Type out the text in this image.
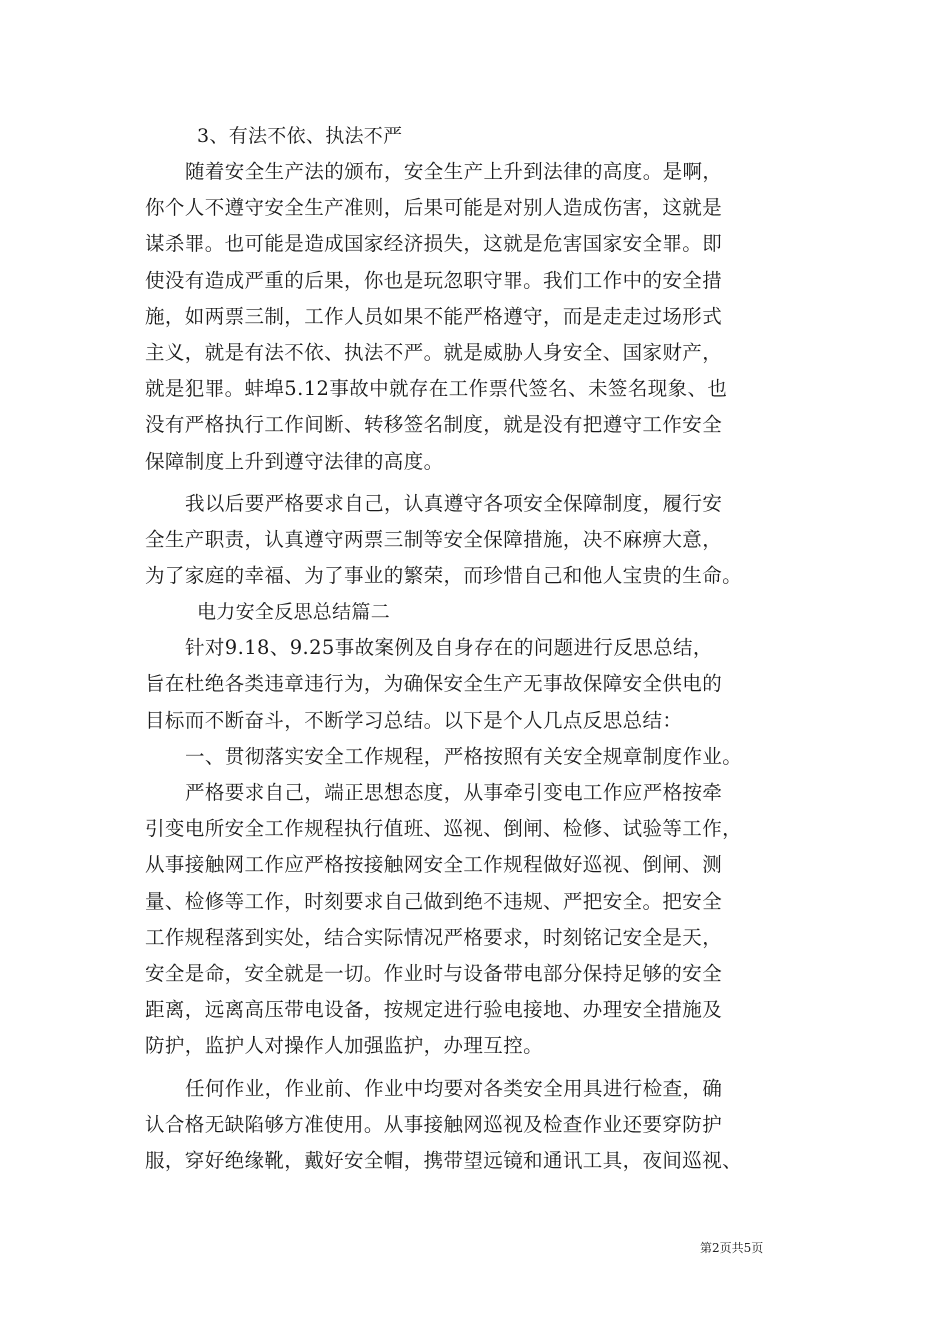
3、有法不依、执法不严

随着安全生产法的颁布，安全生产上升到法律的高度。是啊，
你个人不遵守安全生产准则，后果可能是对别人造成伤害，这就是
谋杀罪。也可能是造成国家经济损失，这就是危害国家安全罪。即
使没有造成严重的后果，你也是玩忽职守罪。我们工作中的安全措
施，如两票三制，工作人员如果不能严格遵守，而是走走过场形式
主义，就是有法不依、执法不严。就是威胁人身安全、国家财产，
就是犯罪。蚌埠5.12事故中就存在工作票代签名、未签名现象、也
没有严格执行工作间断、转移签名制度，就是没有把遵守工作安全
保障制度上升到遵守法律的高度。

我以后要严格要求自己，认真遵守各项安全保障制度，履行安
全生产职责，认真遵守两票三制等安全保障措施，决不麻痹大意，
为了家庭的幸福、为了事业的繁荣，而珍惜自己和他人宝贵的生命。

电力安全反思总结篇二

针对9.18、9.25事故案例及自身存在的问题进行反思总结，
旨在杜绝各类违章违行为，为确保安全生产无事故保障安全供电的
目标而不断奋斗，不断学习总结。以下是个人几点反思总结：

一、贯彻落实安全工作规程，严格按照有关安全规章制度作业。

严格要求自己，端正思想态度，从事牵引变电工作应严格按牵
引变电所安全工作规程执行值班、巡视、倒闸、检修、试验等工作，
从事接触网工作应严格按接触网安全工作规程做好巡视、倒闸、测
量、检修等工作，时刻要求自己做到绝不违规、严把安全。把安全
工作规程落到实处，结合实际情况严格要求，时刻铭记安全是天，
安全是命，安全就是一切。作业时与设备带电部分保持足够的安全
距离，远离高压带电设备，按规定进行验电接地、办理安全措施及
防护，监护人对操作人加强监护，办理互控。

任何作业，作业前、作业中均要对各类安全用具进行检查，确
认合格无缺陷够方准使用。从事接触网巡视及检查作业还要穿防护
服，穿好绝缘靴，戴好安全帽，携带望远镜和通讯工具，夜间巡视、

第2页共5页
